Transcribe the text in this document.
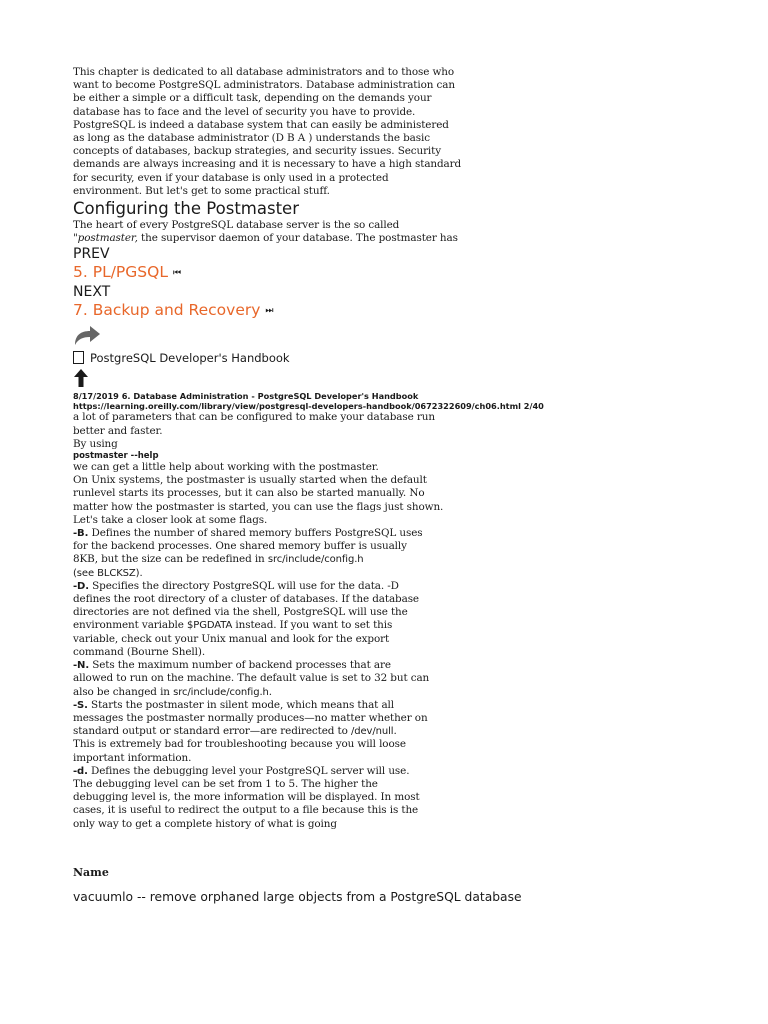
This chapter is dedicated to all database administrators and to those who
want to become PostgreSQL administrators. Database administration can
be either a simple or a difficult task, depending on the demands your
database has to face and the level of security you have to provide.
PostgreSQL is indeed a database system that can easily be administered
as long as the database administrator (D B A ) understands the basic
concepts of databases, backup strategies, and security issues. Security
demands are always increasing and it is necessary to have a high standard
for security, even if your database is only used in a protected
environment. But let's get to some practical stuff.
Configuring the Postmaster
The heart of every PostgreSQL database server is the so called
"postmaster, the supervisor daemon of your database. The postmaster has
PREV
5. PL/PGSQL ⏮
NEXT
7. Backup and Recovery ⏭
PostgreSQL Developer's Handbook
8/17/2019 6. Database Administration - PostgreSQL Developer's Handbook
https://learning.oreilly.com/library/view/postgresql-developers-handbook/0672322609/ch06.html 2/40
a lot of parameters that can be configured to make your database run
better and faster.
By using
postmaster --help
we can get a little help about working with the postmaster.
On Unix systems, the postmaster is usually started when the default
runlevel starts its processes, but it can also be started manually. No
matter how the postmaster is started, you can use the flags just shown.
Let's take a closer look at some flags.
-B. Defines the number of shared memory buffers PostgreSQL uses
for the backend processes. One shared memory buffer is usually
8KB, but the size can be redefined in src/include/config.h
(see BLCKSZ).
-D. Specifies the directory PostgreSQL will use for the data. -D
defines the root directory of a cluster of databases. If the database
directories are not defined via the shell, PostgreSQL will use the
environment variable $PGDATA instead. If you want to set this
variable, check out your Unix manual and look for the export
command (Bourne Shell).
-N. Sets the maximum number of backend processes that are
allowed to run on the machine. The default value is set to 32 but can
also be changed in src/include/config.h.
-S. Starts the postmaster in silent mode, which means that all
messages the postmaster normally produces—no matter whether on
standard output or standard error—are redirected to /dev/null.
This is extremely bad for troubleshooting because you will loose
important information.
-d. Defines the debugging level your PostgreSQL server will use.
The debugging level can be set from 1 to 5. The higher the
debugging level is, the more information will be displayed. In most
cases, it is useful to redirect the output to a file because this is the
only way to get a complete history of what is going
Name
vacuumlo -- remove orphaned large objects from a PostgreSQL database
